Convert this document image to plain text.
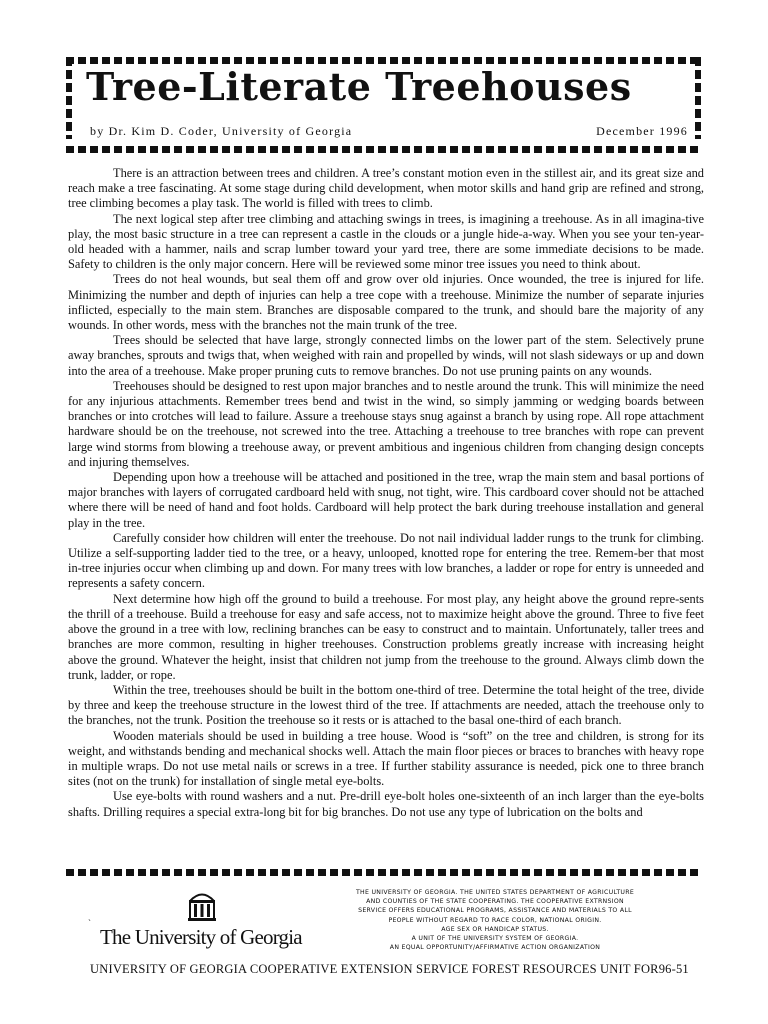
Tree-Literate Treehouses
by Dr. Kim D. Coder, University of Georgia	December 1996

There is an attraction between trees and children. A tree’s constant motion even in the stillest air, and its great size and reach make a tree fascinating. At some stage during child development, when motor skills and hand grip are refined and strong, tree climbing becomes a play task. The world is filled with trees to climb.

The next logical step after tree climbing and attaching swings in trees, is imagining a treehouse. As in all imagina-tive play, the most basic structure in a tree can represent a castle in the clouds or a jungle hide-a-way. When you see your ten-year-old headed with a hammer, nails and scrap lumber toward your yard tree, there are some immediate decisions to be made. Safety to children is the only major concern. Here will be reviewed some minor tree issues you need to think about.

Trees do not heal wounds, but seal them off and grow over old injuries. Once wounded, the tree is injured for life. Minimizing the number and depth of injuries can help a tree cope with a treehouse. Minimize the number of separate injuries inflicted, especially to the main stem. Branches are disposable compared to the trunk, and should bare the majority of any wounds. In other words, mess with the branches not the main trunk of the tree.

Trees should be selected that have large, strongly connected limbs on the lower part of the stem. Selectively prune away branches, sprouts and twigs that, when weighed with rain and propelled by winds, will not slash sideways or up and down into the area of a treehouse. Make proper pruning cuts to remove branches. Do not use pruning paints on any wounds.

Treehouses should be designed to rest upon major branches and to nestle around the trunk. This will minimize the need for any injurious attachments. Remember trees bend and twist in the wind, so simply jamming or wedging boards between branches or into crotches will lead to failure. Assure a treehouse stays snug against a branch by using rope. All rope attachment hardware should be on the treehouse, not screwed into the tree. Attaching a treehouse to tree branches with rope can prevent large wind storms from blowing a treehouse away, or prevent ambitious and ingenious children from changing design concepts and injuring themselves.

Depending upon how a treehouse will be attached and positioned in the tree, wrap the main stem and basal portions of major branches with layers of corrugated cardboard held with snug, not tight, wire. This cardboard cover should not be attached where there will be need of hand and foot holds. Cardboard will help protect the bark during treehouse installation and general play in the tree.

Carefully consider how children will enter the treehouse. Do not nail individual ladder rungs to the trunk for climbing. Utilize a self-supporting ladder tied to the tree, or a heavy, unlooped, knotted rope for entering the tree. Remem-ber that most in-tree injuries occur when climbing up and down. For many trees with low branches, a ladder or rope for entry is unneeded and represents a safety concern.

Next determine how high off the ground to build a treehouse. For most play, any height above the ground repre-sents the thrill of a treehouse. Build a treehouse for easy and safe access, not to maximize height above the ground. Three to five feet above the ground in a tree with low, reclining branches can be easy to construct and to maintain. Unfortunately, taller trees and branches are more common, resulting in higher treehouses. Construction problems greatly increase with increasing height above the ground. Whatever the height, insist that children not jump from the treehouse to the ground. Always climb down the trunk, ladder, or rope.

Within the tree, treehouses should be built in the bottom one-third of tree. Determine the total height of the tree, divide by three and keep the treehouse structure in the lowest third of the tree. If attachments are needed, attach the treehouse only to the branches, not the trunk. Position the treehouse so it rests or is attached to the basal one-third of each branch.

Wooden materials should be used in building a tree house. Wood is “soft” on the tree and children, is strong for its weight, and withstands bending and mechanical shocks well. Attach the main floor pieces or braces to branches with heavy rope in multiple wraps. Do not use metal nails or screws in a tree. If further stability assurance is needed, pick one to three branch sites (not on the trunk) for installation of single metal eye-bolts.

Use eye-bolts with round washers and a nut. Pre-drill eye-bolt holes one-sixteenth of an inch larger than the eye-bolts shafts. Drilling requires a special extra-long bit for big branches. Do not use any type of lubrication on the bolts and

`
The University of Georgia
THE UNIVERSITY OF GEORGIA. THE UNITED STATES DEPARTMENT OF AGRICULTURE
AND COUNTIES OF THE STATE COOPERATING. THE COOPERATIVE EXTRNSION
SERVICE OFFERS EDUCATIONAL PROGRAMS, ASSISTANCE AND MATERIALS TO ALL
PEOPLE WITHOUT REGARD TO RACE COLOR, NATIONAL ORIGIN.
AGE SEX OR HANDICAP STATUS.
A UNIT OF THE UNIVERSITY SYSTEM OF GEORGIA.
AN EQUAL OPPORTUNITY/AFFIRMATIVE ACTION ORGANIZATION
UNIVERSITY OF GEORGIA COOPERATIVE EXTENSION SERVICE FOREST RESOURCES UNIT FOR96-51
